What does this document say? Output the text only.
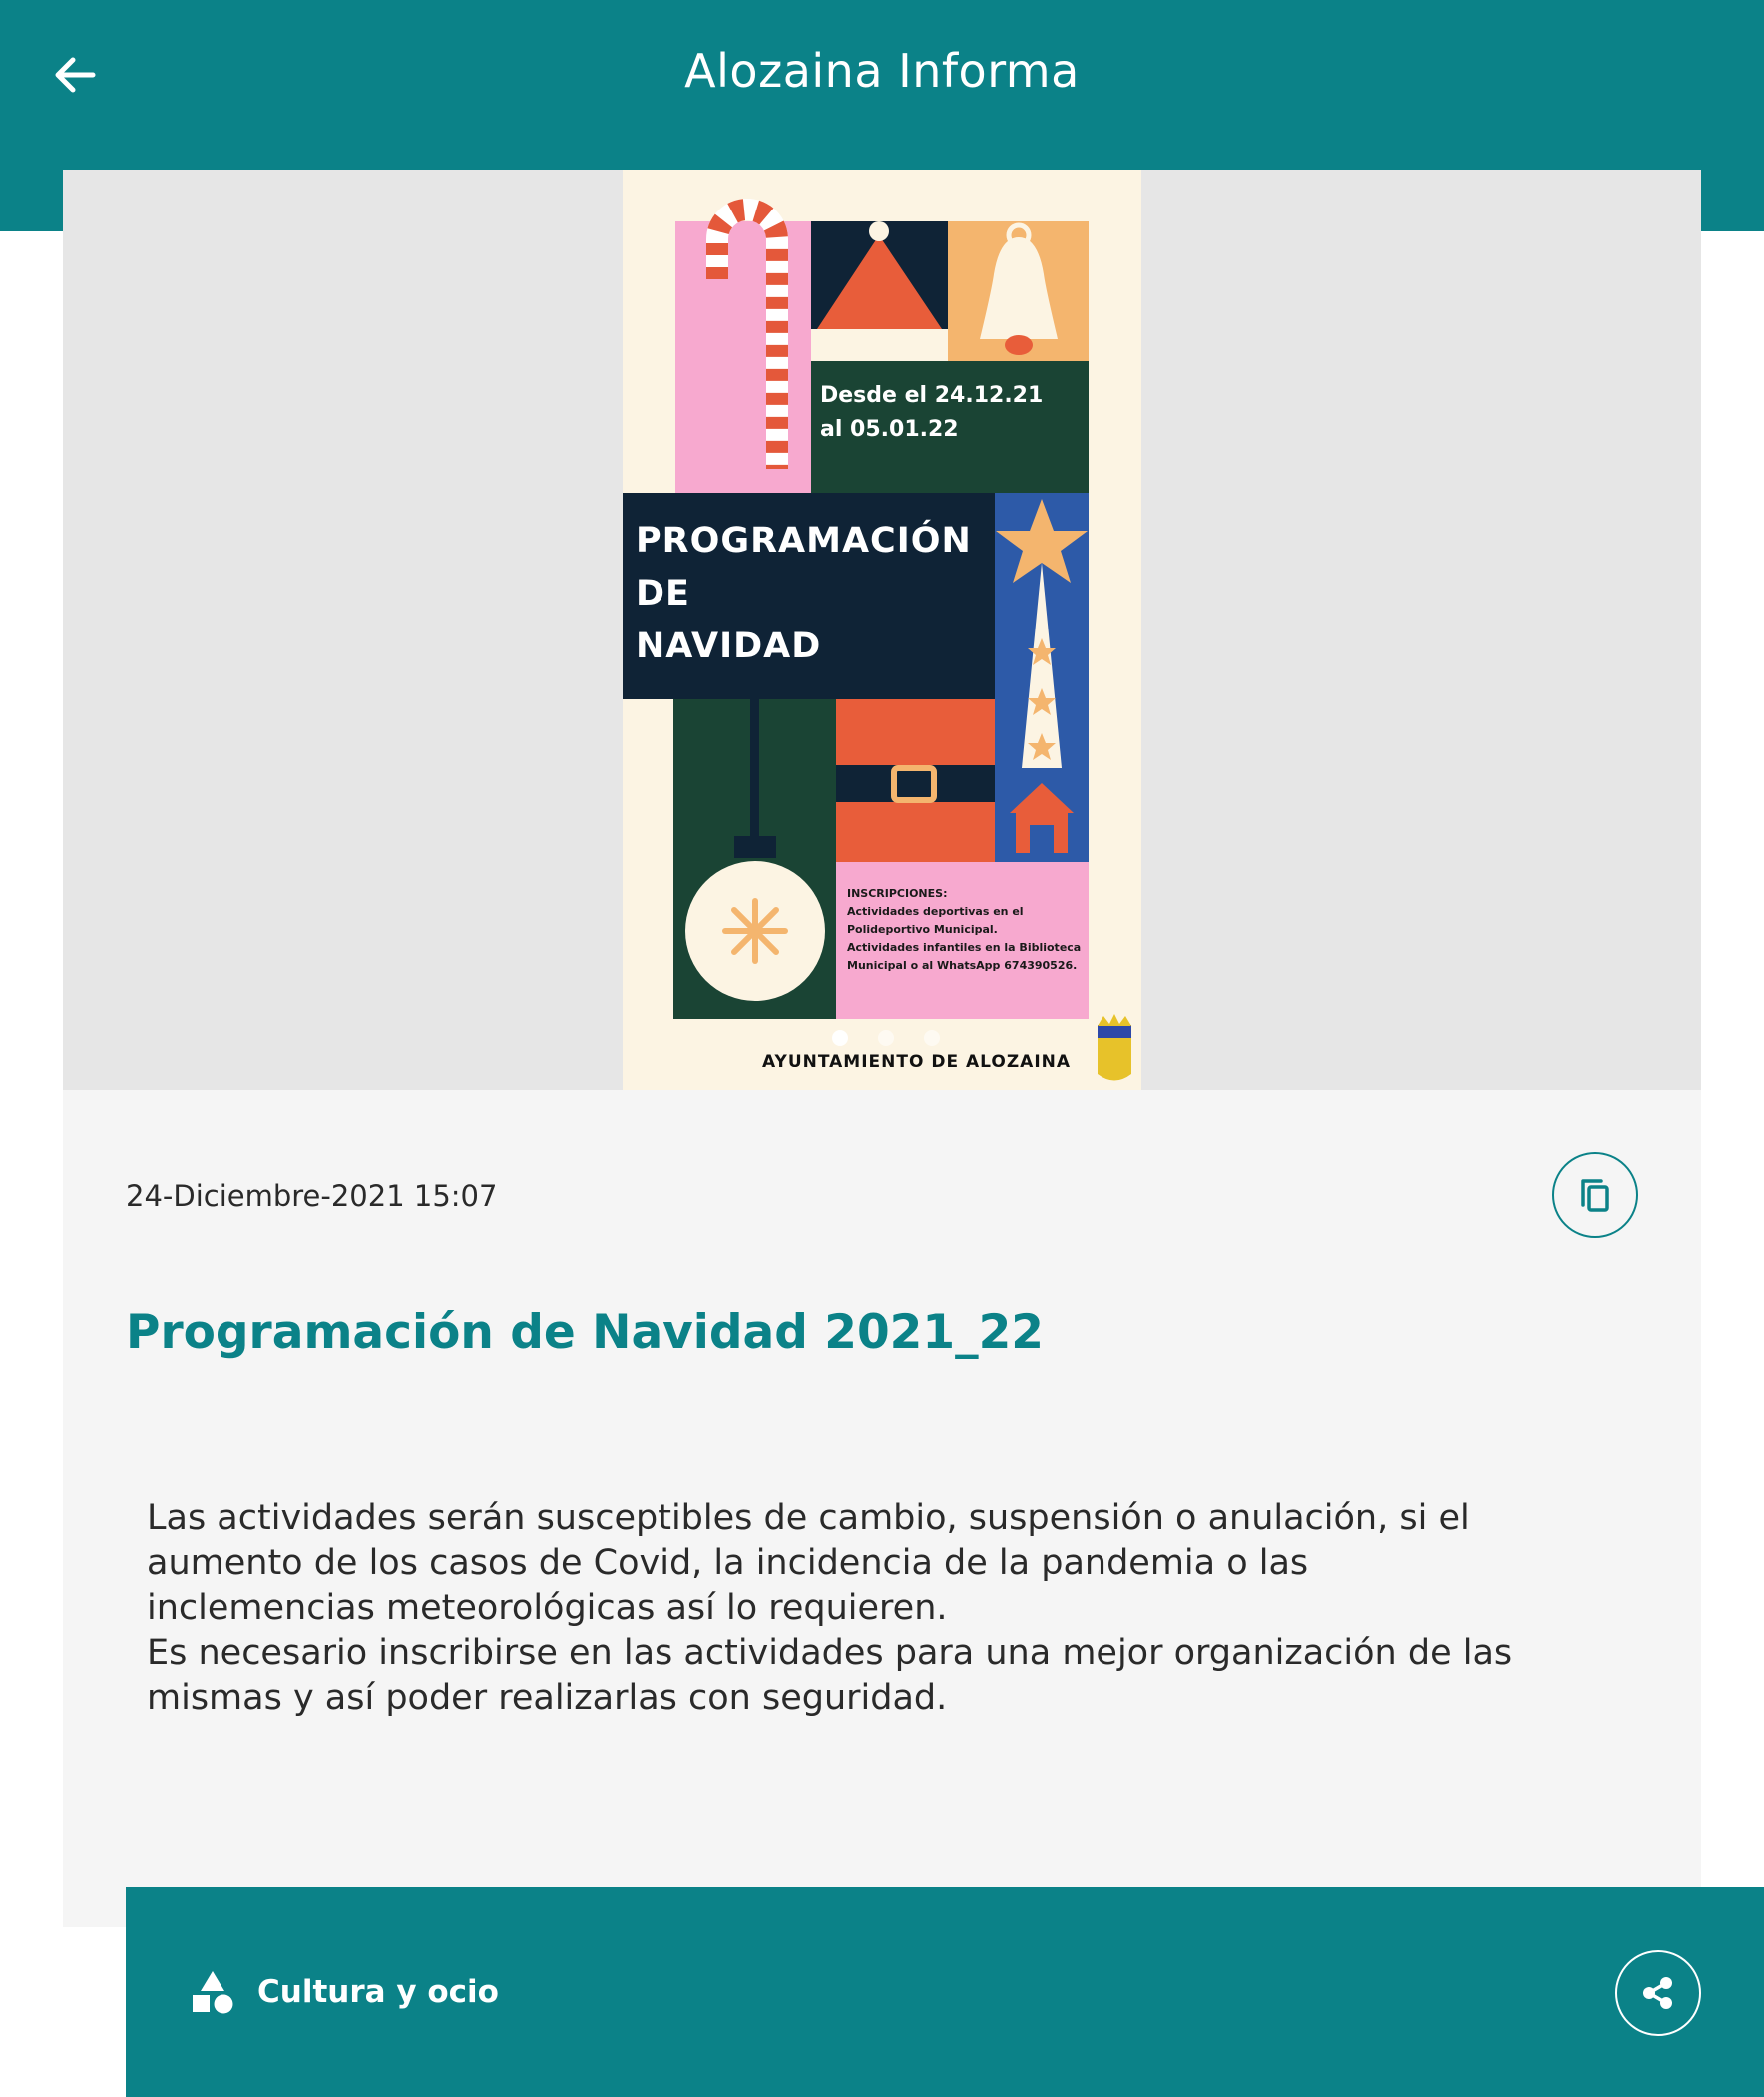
Alozaina Informa
Desde el 24.12.21
al 05.01.22
PROGRAMACIÓN
DE
NAVIDAD
INSCRIPCIONES:
Actividades deportivas en el
Polideportivo Municipal.
Actividades infantiles en la Biblioteca
Municipal o al WhatsApp 674390526.
AYUNTAMIENTO DE ALOZAINA
24-Diciembre-2021 15:07
Programación de Navidad 2021_22
Las actividades serán susceptibles de cambio, suspensión o anulación, si el
aumento de los casos de Covid, la incidencia de la pandemia o las
inclemencias meteorológicas así lo requieren.
Es necesario inscribirse en las actividades para una mejor organización de las
mismas y así poder realizarlas con seguridad.
Cultura y ocio
